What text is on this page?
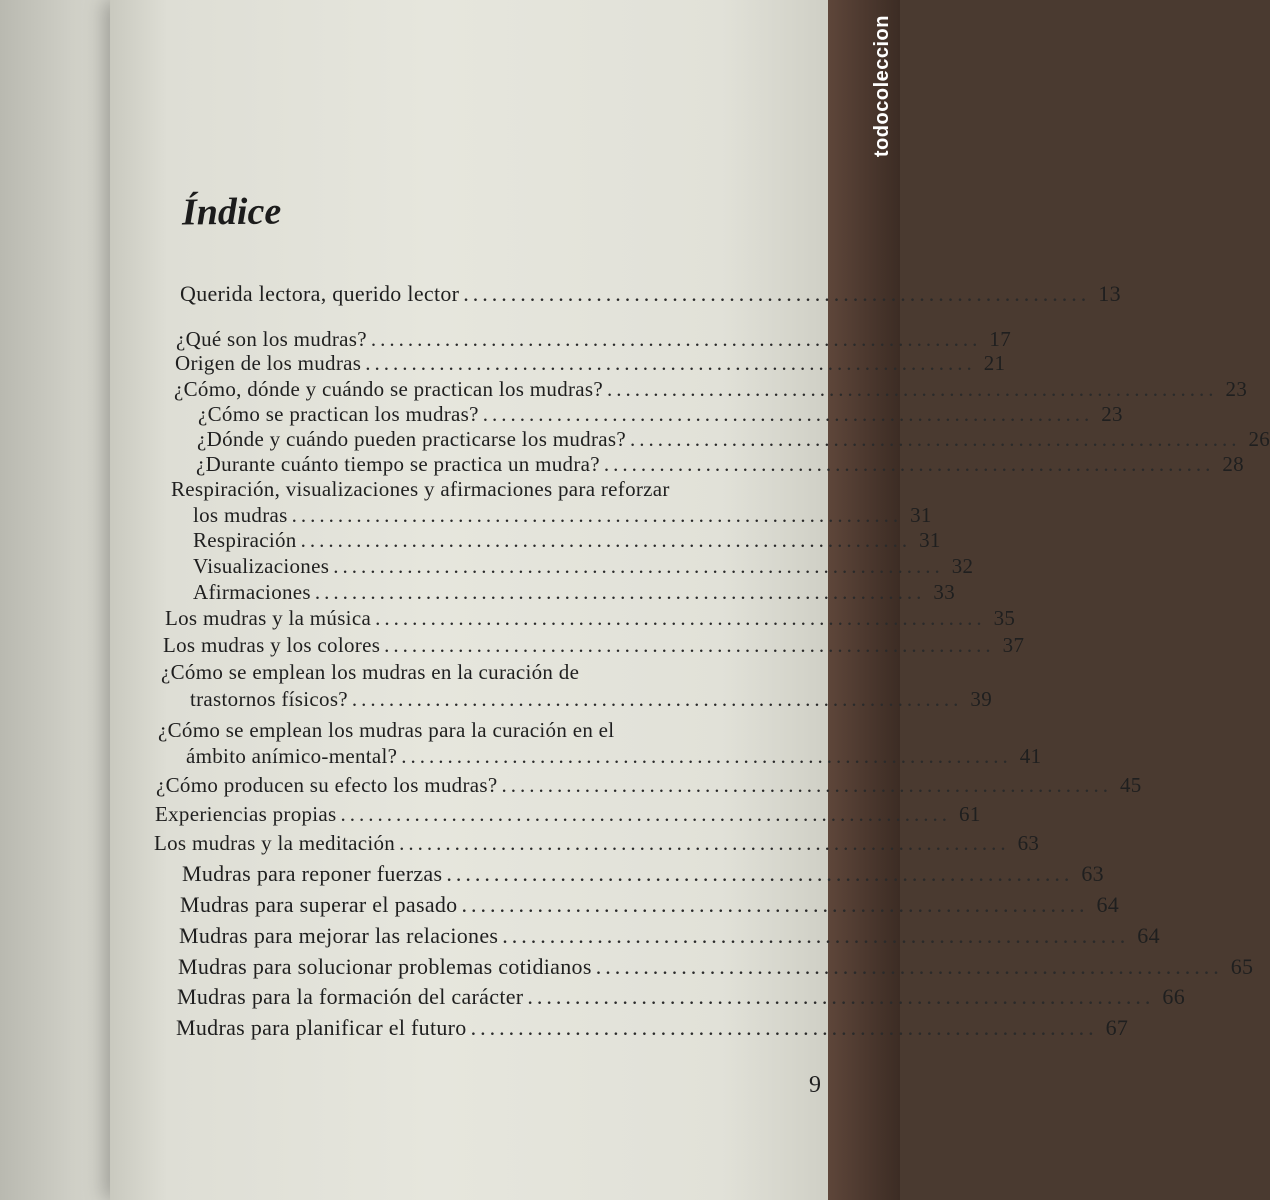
todocoleccion
Índice
Querida lectora, querido lector .................................................................. 13
¿Qué son los mudras? .................................................................. 17
Origen de los mudras .................................................................. 21
¿Cómo, dónde y cuándo se practican los mudras? .................................................................. 23
¿Cómo se practican los mudras? .................................................................. 23
¿Dónde y cuándo pueden practicarse los mudras? .................................................................. 26
¿Durante cuánto tiempo se practica un mudra? .................................................................. 28
Respiración, visualizaciones y afirmaciones para reforzar
los mudras .................................................................. 31
Respiración .................................................................. 31
Visualizaciones .................................................................. 32
Afirmaciones .................................................................. 33
Los mudras y la música .................................................................. 35
Los mudras y los colores .................................................................. 37
¿Cómo se emplean los mudras en la curación de
trastornos físicos? .................................................................. 39
¿Cómo se emplean los mudras para la curación en el
ámbito anímico-mental? .................................................................. 41
¿Cómo producen su efecto los mudras? .................................................................. 45
Experiencias propias .................................................................. 61
Los mudras y la meditación .................................................................. 63
Mudras para reponer fuerzas .................................................................. 63
Mudras para superar el pasado .................................................................. 64
Mudras para mejorar las relaciones .................................................................. 64
Mudras para solucionar problemas cotidianos .................................................................. 65
Mudras para la formación del carácter .................................................................. 66
Mudras para planificar el futuro .................................................................. 67
9
